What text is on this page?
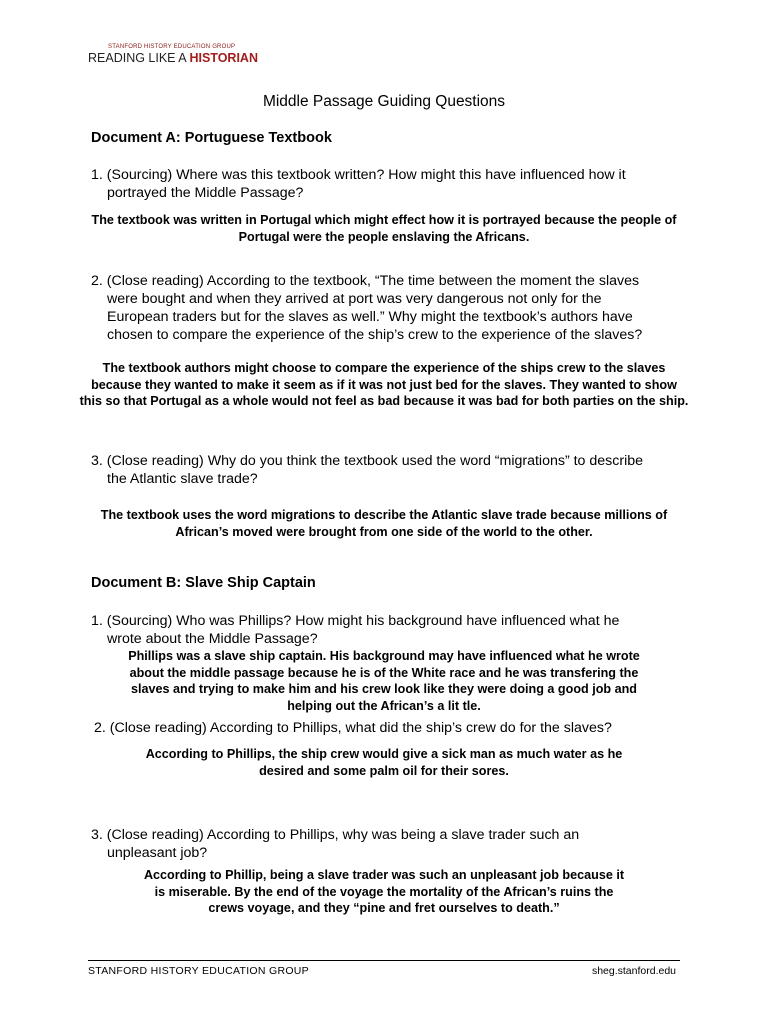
STANFORD HISTORY EDUCATION GROUP
READING LIKE A HISTORIAN
Middle Passage Guiding Questions
Document A: Portuguese Textbook
1. (Sourcing) Where was this textbook written? How might this have influenced how it
portrayed the Middle Passage?
The textbook was written in Portugal which might effect how it is portrayed because the people of
Portugal were the people enslaving the Africans.
2. (Close reading) According to the textbook, “The time between the moment the slaves
were bought and when they arrived at port was very dangerous not only for the
European traders but for the slaves as well.” Why might the textbook’s authors have
chosen to compare the experience of the ship’s crew to the experience of the slaves?
The textbook authors might choose to compare the experience of the ships crew to the slaves
because they wanted to make it seem as if it was not just bed for the slaves. They wanted to show
this so that Portugal as a whole would not feel as bad because it was bad for both parties on the ship.
3. (Close reading) Why do you think the textbook used the word “migrations” to describe
the Atlantic slave trade?
The textbook uses the word migrations to describe the Atlantic slave trade because millions of
African’s moved were brought from one side of the world to the other.
Document B: Slave Ship Captain
1. (Sourcing) Who was Phillips? How might his background have influenced what he
wrote about the Middle Passage?
Phillips was a slave ship captain. His background may have influenced what he wrote
about the middle passage because he is of the White race and he was transfering the
slaves and trying to make him and his crew look like they were doing a good job and
helping out the African’s a lit tle.
2. (Close reading) According to Phillips, what did the ship’s crew do for the slaves?
According to Phillips, the ship crew would give a sick man as much water as he
desired and some palm oil for their sores.
3. (Close reading) According to Phillips, why was being a slave trader such an
unpleasant job?
According to Phillip, being a slave trader was such an unpleasant job because it
is miserable. By the end of the voyage the mortality of the African’s ruins the
crews voyage, and they “pine and fret ourselves to death.”
STANFORD HISTORY EDUCATION GROUP	sheg.stanford.edu
